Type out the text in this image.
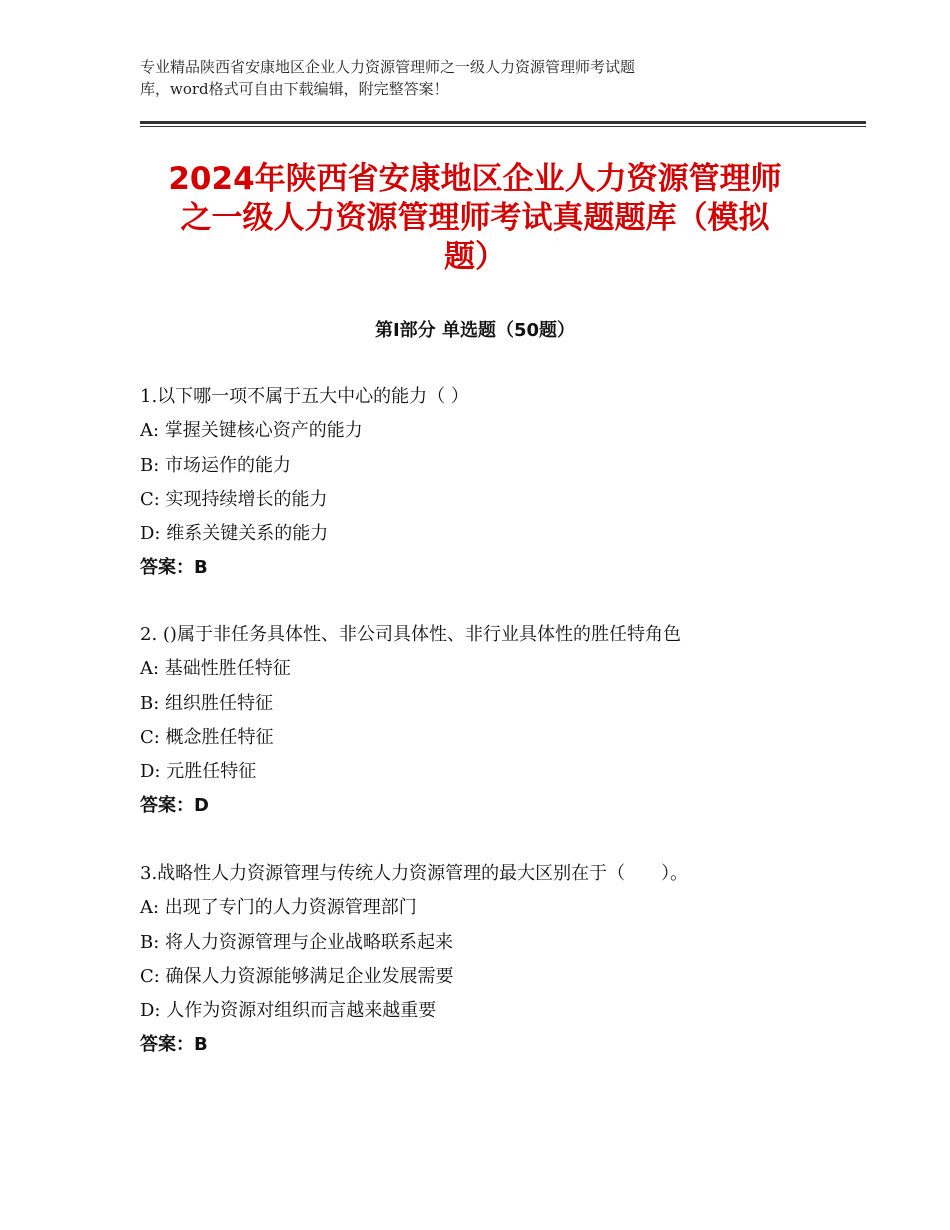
专业精品陕西省安康地区企业人力资源管理师之一级人力资源管理师考试题
库，word格式可自由下载编辑，附完整答案！
2024年陕西省安康地区企业人力资源管理师
之一级人力资源管理师考试真题题库（模拟
题）
第Ⅰ部分 单选题（50题）
1.以下哪一项不属于五大中心的能力（ ）
A: 掌握关键核心资产的能力
B: 市场运作的能力
C: 实现持续增长的能力
D: 维系关键关系的能力
答案：B
2. ()属于非任务具体性、非公司具体性、非行业具体性的胜任特角色
A: 基础性胜任特征
B: 组织胜任特征
C: 概念胜任特征
D: 元胜任特征
答案：D
3.战略性人力资源管理与传统人力资源管理的最大区别在于（　　）。
A: 出现了专门的人力资源管理部门
B: 将人力资源管理与企业战略联系起来
C: 确保人力资源能够满足企业发展需要
D: 人作为资源对组织而言越来越重要
答案：B
